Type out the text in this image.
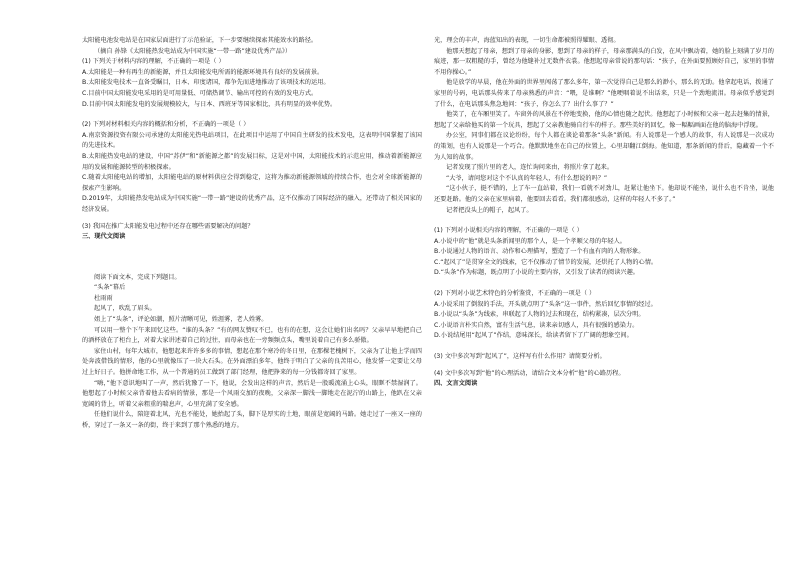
太阳能电池发电站是在国家层面进行了示范验证，下一步要继续探索其能效水的路径。

（摘自 孙锋《太阳能热发电站成为中国实施“一带一路”建设优秀产品》）

(1) 下列关于材料内容的理解，不正确的一项是（ ）

A.太阳能是一种有再生的新能源，并且太阳能发电所需的能源环境具有良好的发展前景。

B.太阳能发电技术一直备受瞩目，日本、印度诸国，都争先而进地推动了该项技术的运用。

C.目前中国太阳能发电采用的是可用量低、可储热调节、输出可控的有效的发电方式。

D.目前中国太阳能发电的发展规模较大，与日本、西班牙等国家相比，具有明显的效率优势。

(2) 下列对材料相关内容的概括和分析，不正确的一项是（ ）

A.南京资源投资有限公司承建的太阳能光热电站项目，在此项目中运用了中国自主研发的技术发电，这表明中国掌握了该国的先进技术。

B.太阳能热发电站的建设，中国“苏伊”和“新能源之都”的发展目标，这是对中国，太阳能技术的示范应用，推动着新能源应用的发展和能源转型的积极探索。

C.随着太阳能电站的增加，太阳能电站的原材料供应会得到稳定，这将为推动新能源领域的持续合作，也会对全球新能源的探索产生影响。

D.2019年，太阳能热发电站成为中国实施“一带一路”建设的优秀产品，这不仅推动了国际经济的融入，还带动了相关国家的经济发展。

(3) 我国在推广太阳能发电过程中还存在哪些需要解决的问题？

三、现代文阅读

阅读下面文本，完成下列题目。

“头条”幕后

杜雨雨

起风了，吹乱了眉头。

姐上了“头条”，评论如潮，照片清晰可见，姓涯雾，老人姓雾。

可以用一整个下午来回忆这些。“谁的头条？”有的网友赞叹不已，也有的在想，这会让她们出名吗？父亲早早地把自己的酒杯放在了柜台上，对着大家讲述着自己的过往，而母亲也在一旁频频点头，嘴里说着自己有多么骄傲。

家住山村，每年大城市，他想起来许许多多的事情，想起在那个寒冷的冬日里，在那棵老槐树下，父亲为了让他上学而四处奔波借钱的情形，他的心里就像压了一块大石头。在外面漂泊多年，他终于明白了父亲的良苦用心，他发誓一定要让父母过上好日子。他拼命地工作，从一个普通的员工做到了部门经理，他把挣来的每一分钱都寄回了家里。

“嗨，”他下意识地叫了一声，然后犹豫了一下，他说，会发出这样的声音，然后是一股暖流涌上心头，眼眶不禁湿润了。他想起了小时候父亲背着他去看病的情景，那是一个风雨交加的夜晚，父亲深一脚浅一脚地走在泥泞的山路上，他趴在父亲宽阔的背上，听着父亲粗重的喘息声，心里充满了安全感。

任他们说什么，陪迎着北风，光也不能处，她抬起了头，脚下是厚实的土地，眼前是宽阔的马路。她走过了一座又一座的桥，穿过了一条又一条的街，终于来到了那个熟悉的地方。

光，理会的丰声，海蓝知出的表现，一切生命都被照得耀眼、透彻。

他那天想起了母亲，想到了母亲的身影，想到了母亲的样子，母亲那满头的白发，在风中飘动着，她的脸上刻满了岁月的痕迹，那一双粗糙的手，曾经为他缝补过无数件衣裳。他想起母亲常说的那句话：“孩子，在外面要照顾好自己，家里的事情不用你操心。”

他是放学的早晨，他在外面的世界里闯荡了那么多年，第一次觉得自己是那么的渺小，那么的无助。他拿起电话，拨通了家里的号码，电话那头传来了母亲熟悉的声音：“喂，是谁啊？”他哽咽着说不出话来，只是一个劲地流泪。母亲似乎感觉到了什么，在电话那头焦急地问：“孩子，你怎么了？出什么事了？”

他笑了，在车厢里笑了。车窗外的风景在不停地变换，他的心情也随之起伏。他想起了小时候和父亲一起去赶集的情景，想起了父亲给他买的第一个玩具，想起了父亲教他骑自行车的样子。那些美好的回忆，像一幅幅画面在他的脑海中浮现。

办公室，同事们都在议论纷纷，每个人都在谈论着那条“头条”新闻。有人说那是一个感人的故事，有人说那是一次成功的策划，也有人说那是一个巧合。他默默地坐在自己的位置上，心里却翻江倒海。他知道，那条新闻的背后，隐藏着一个不为人知的故事。

记者发现了照片里的老人，连忙询问来由，将照片拿了起来。

“大爷，请问您对这个不认真的年轻人，有什么想说的吗？”

“这小伙子，挺不错的，上了车一直站着，我们一看就不对劲儿，赶紧让他坐下。他却说不能坐，说什么也不肯坐，说他还要赶路。他的父亲在家里病着，他要回去看看。我们都很感动，这样的年轻人不多了。”

记者把没头上的帽子，起风了。

(1) 下列对小说相关内容的理解，不正确的一项是（ ）

A.小说中的“他”就是头条新闻里的那个人，是一个孝顺父母的年轻人。

B.小说通过人物的语言、动作和心理描写，塑造了一个有血有肉的人物形象。

C.“起风了”是贯穿全文的线索，它不仅推动了情节的发展，还烘托了人物的心情。

D.“头条”作为标题，既点明了小说的主要内容，又引发了读者的阅读兴趣。

(2) 下列对小说艺术特色的分析鉴赏，不正确的一项是（ ）

A.小说采用了倒叙的手法，开头就点明了“头条”这一事件，然后回忆事情的经过。

B.小说以“头条”为线索，串联起了人物的过去和现在，结构紧凑，层次分明。

C.小说语言朴实自然，富有生活气息，读来亲切感人，具有很强的感染力。

D.小说结尾用“起风了”作结，意味深长，给读者留下了广阔的想象空间。

(3) 文中多次写到“起风了”，这样写有什么作用？请简要分析。

(4) 文中多次写到“他”的心理活动，请结合文本分析“他”的心路历程。

四、文言文阅读
